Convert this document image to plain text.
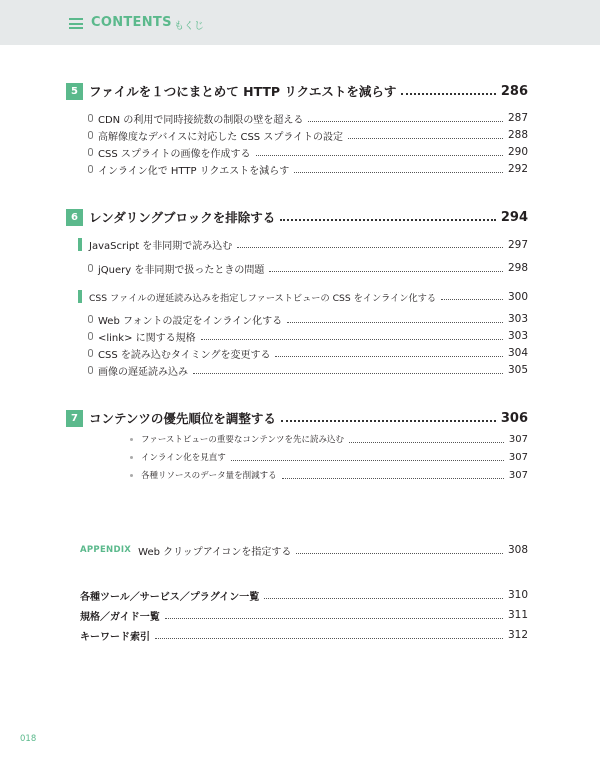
CONTENTS もくじ
5 ファイルを１つにまとめて HTTP リクエストを減らす	286
CDN の利用で同時接続数の制限の壁を超える	287
高解像度なデバイスに対応した CSS スプライトの設定	288
CSS スプライトの画像を作成する	290
インライン化で HTTP リクエストを減らす	292
6 レンダリングブロックを排除する	294
JavaScript を非同期で読み込む	297
jQuery を非同期で扱ったときの問題	298
CSS ファイルの遅延読み込みを指定しファーストビューの CSS をインライン化する	300
Web フォントの設定をインライン化する	303
<link> に関する規格	303
CSS を読み込むタイミングを変更する	304
画像の遅延読み込み	305
7 コンテンツの優先順位を調整する	306
ファーストビューの重要なコンテンツを先に読み込む	307
インライン化を見直す	307
各種リソースのデータ量を削減する	307
APPENDIX Web クリップアイコンを指定する	308
各種ツール／サービス／プラグイン一覧	310
規格／ガイド一覧	311
キーワード索引	312
018
